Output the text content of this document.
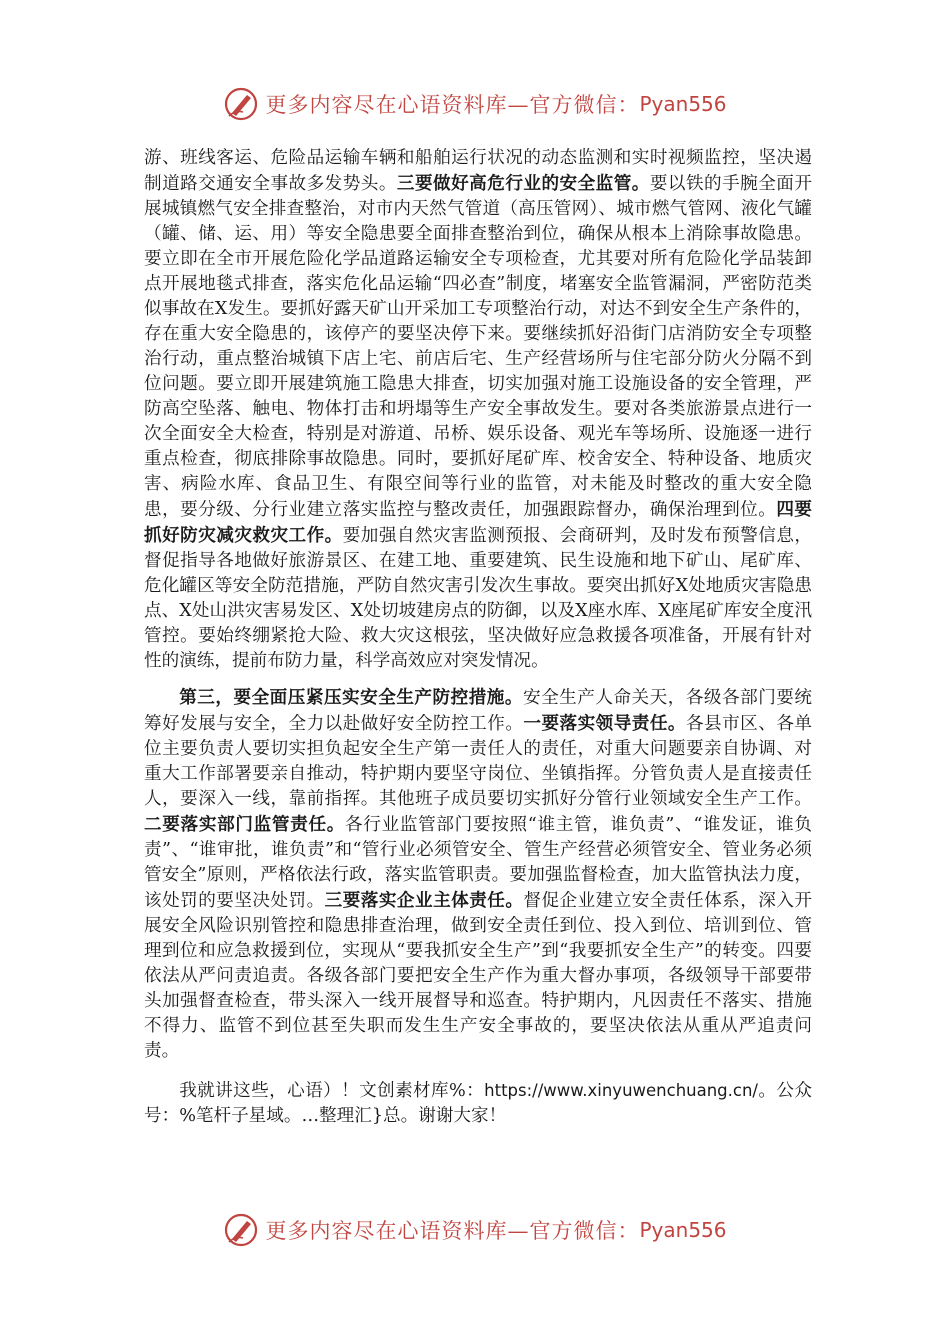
更多内容尽在心语资料库—官方微信： Pyan556

游、班线客运、危险品运输车辆和船舶运行状况的动态监测和实时视频监控，坚决遏制道路交通安全事故多发势头。三要做好高危行业的安全监管。要以铁的手腕全面开展城镇燃气安全排查整治，对市内天然气管道（高压管网）、城市燃气管网、液化气罐（罐、储、运、用）等安全隐患要全面排查整治到位，确保从根本上消除事故隐患。要立即在全市开展危险化学品道路运输安全专项检查，尤其要对所有危险化学品装卸点开展地毯式排查，落实危化品运输“四必查”制度，堵塞安全监管漏洞，严密防范类似事故在X发生。要抓好露天矿山开采加工专项整治行动，对达不到安全生产条件的，存在重大安全隐患的，该停产的要坚决停下来。要继续抓好沿街门店消防安全专项整治行动，重点整治城镇下店上宅、前店后宅、生产经营场所与住宅部分防火分隔不到位问题。要立即开展建筑施工隐患大排查，切实加强对施工设施设备的安全管理，严防高空坠落、触电、物体打击和坍塌等生产安全事故发生。要对各类旅游景点进行一次全面安全大检查，特别是对游道、吊桥、娱乐设备、观光车等场所、设施逐一进行重点检查，彻底排除事故隐患。同时，要抓好尾矿库、校舍安全、特种设备、地质灾害、病险水库、食品卫生、有限空间等行业的监管，对未能及时整改的重大安全隐患，要分级、分行业建立落实监控与整改责任，加强跟踪督办，确保治理到位。四要抓好防灾减灾救灾工作。要加强自然灾害监测预报、会商研判，及时发布预警信息，督促指导各地做好旅游景区、在建工地、重要建筑、民生设施和地下矿山、尾矿库、危化罐区等安全防范措施，严防自然灾害引发次生事故。要突出抓好X处地质灾害隐患点、X处山洪灾害易发区、X处切坡建房点的防御，以及X座水库、X座尾矿库安全度汛管控。要始终绷紧抢大险、救大灾这根弦，坚决做好应急救援各项准备，开展有针对性的演练，提前布防力量，科学高效应对突发情况。

第三，要全面压紧压实安全生产防控措施。安全生产人命关天，各级各部门要统筹好发展与安全，全力以赴做好安全防控工作。一要落实领导责任。各县市区、各单位主要负责人要切实担负起安全生产第一责任人的责任，对重大问题要亲自协调、对重大工作部署要亲自推动，特护期内要坚守岗位、坐镇指挥。分管负责人是直接责任人，要深入一线，靠前指挥。其他班子成员要切实抓好分管行业领域安全生产工作。二要落实部门监管责任。各行业监管部门要按照“谁主管，谁负责”、“谁发证，谁负责”、“谁审批，谁负责”和“管行业必须管安全、管生产经营必须管安全、管业务必须管安全”原则，严格依法行政，落实监管职责。要加强监督检查，加大监管执法力度，该处罚的要坚决处罚。三要落实企业主体责任。督促企业建立安全责任体系，深入开展安全风险识别管控和隐患排查治理，做到安全责任到位、投入到位、培训到位、管理到位和应急救援到位，实现从“要我抓安全生产”到“我要抓安全生产”的转变。四要依法从严问责追责。各级各部门要把安全生产作为重大督办事项，各级领导干部要带头加强督查检查，带头深入一线开展督导和巡查。特护期内，凡因责任不落实、措施不得力、监管不到位甚至失职而发生生产安全事故的，要坚决依法从重从严追责问责。

我就讲这些，心语）！文创素材库%：https://www.xinyuwenchuang.cn/。公众号：%笔杆子星域。…整理汇}总。谢谢大家！

更多内容尽在心语资料库—官方微信： Pyan556
